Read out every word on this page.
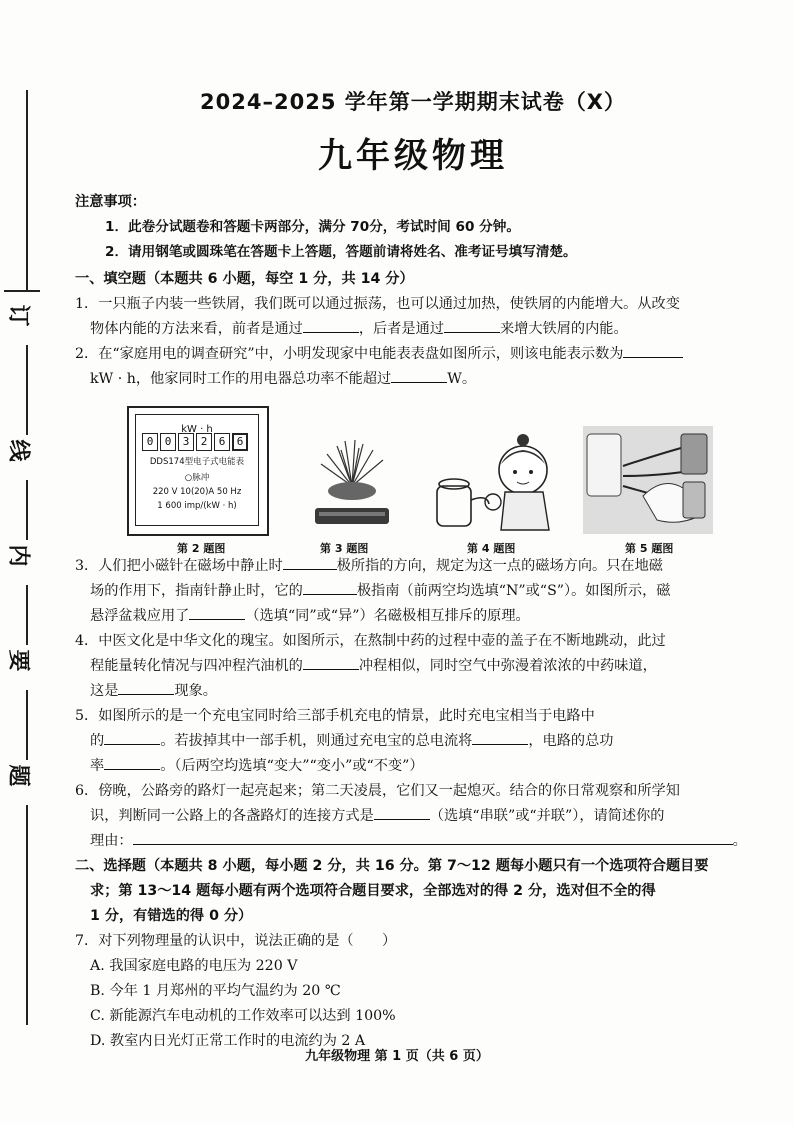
订
线
内
要
题
2024–2025 学年第一学期期末试卷（X）
九年级物理
注意事项：
1．此卷分试题卷和答题卡两部分，满分 70分，考试时间 60 分钟。
2．请用钢笔或圆珠笔在答题卡上答题，答题前请将姓名、准考证号填写清楚。
一、填空题（本题共 6 小题，每空 1 分，共 14 分）
1．一只瓶子内装一些铁屑，我们既可以通过振荡，也可以通过加热，使铁屑的内能增大。从改变
物体内能的方法来看，前者是通过	，后者是通过	来增大铁屑的内能。
2．在“家庭用电的调查研究”中，小明发现家中电能表表盘如图所示，则该电能表示数为
kW · h，他家同时工作的用电器总功率不能超过	W。
kW · h
0	0	3	2	6	6
DDS174型电子式电能表
○脉冲
220 V 10(20)A 50 Hz
1 600 imp/(kW · h)
第 2 题图	第 3 题图	第 4 题图	第 5 题图
3．人们把小磁针在磁场中静止时	极所指的方向，规定为这一点的磁场方向。只在地磁
场的作用下，指南针静止时，它的	极指南（前两空均选填“N”或“S”）。如图所示，磁
悬浮盆栽应用了	（选填“同”或“异”）名磁极相互排斥的原理。
4．中医文化是中华文化的瑰宝。如图所示，在熬制中药的过程中壶的盖子在不断地跳动，此过
程能量转化情况与四冲程汽油机的	冲程相似，同时空气中弥漫着浓浓的中药味道，
这是	现象。
5．如图所示的是一个充电宝同时给三部手机充电的情景，此时充电宝相当于电路中
的	。若拔掉其中一部手机，则通过充电宝的总电流将	，电路的总功
率	。（后两空均选填“变大”“变小”或“不变”）
6．傍晚，公路旁的路灯一起亮起来；第二天凌晨，它们又一起熄灭。结合的你日常观察和所学知
识，判断同一公路上的各盏路灯的连接方式是	（选填“串联”或“并联”），请简述你的
理由：	。
二、选择题（本题共 8 小题，每小题 2 分，共 16 分。第 7～12 题每小题只有一个选项符合题目要
求；第 13～14 题每小题有两个选项符合题目要求，全部选对的得 2 分，选对但不全的得
1 分，有错选的得 0 分）
7．对下列物理量的认识中，说法正确的是（　　）
A. 我国家庭电路的电压为 220 V
B. 今年 1 月郑州的平均气温约为 20 ℃
C. 新能源汽车电动机的工作效率可以达到 100%
D. 教室内日光灯正常工作时的电流约为 2 A
九年级物理 第 1 页（共 6 页）
